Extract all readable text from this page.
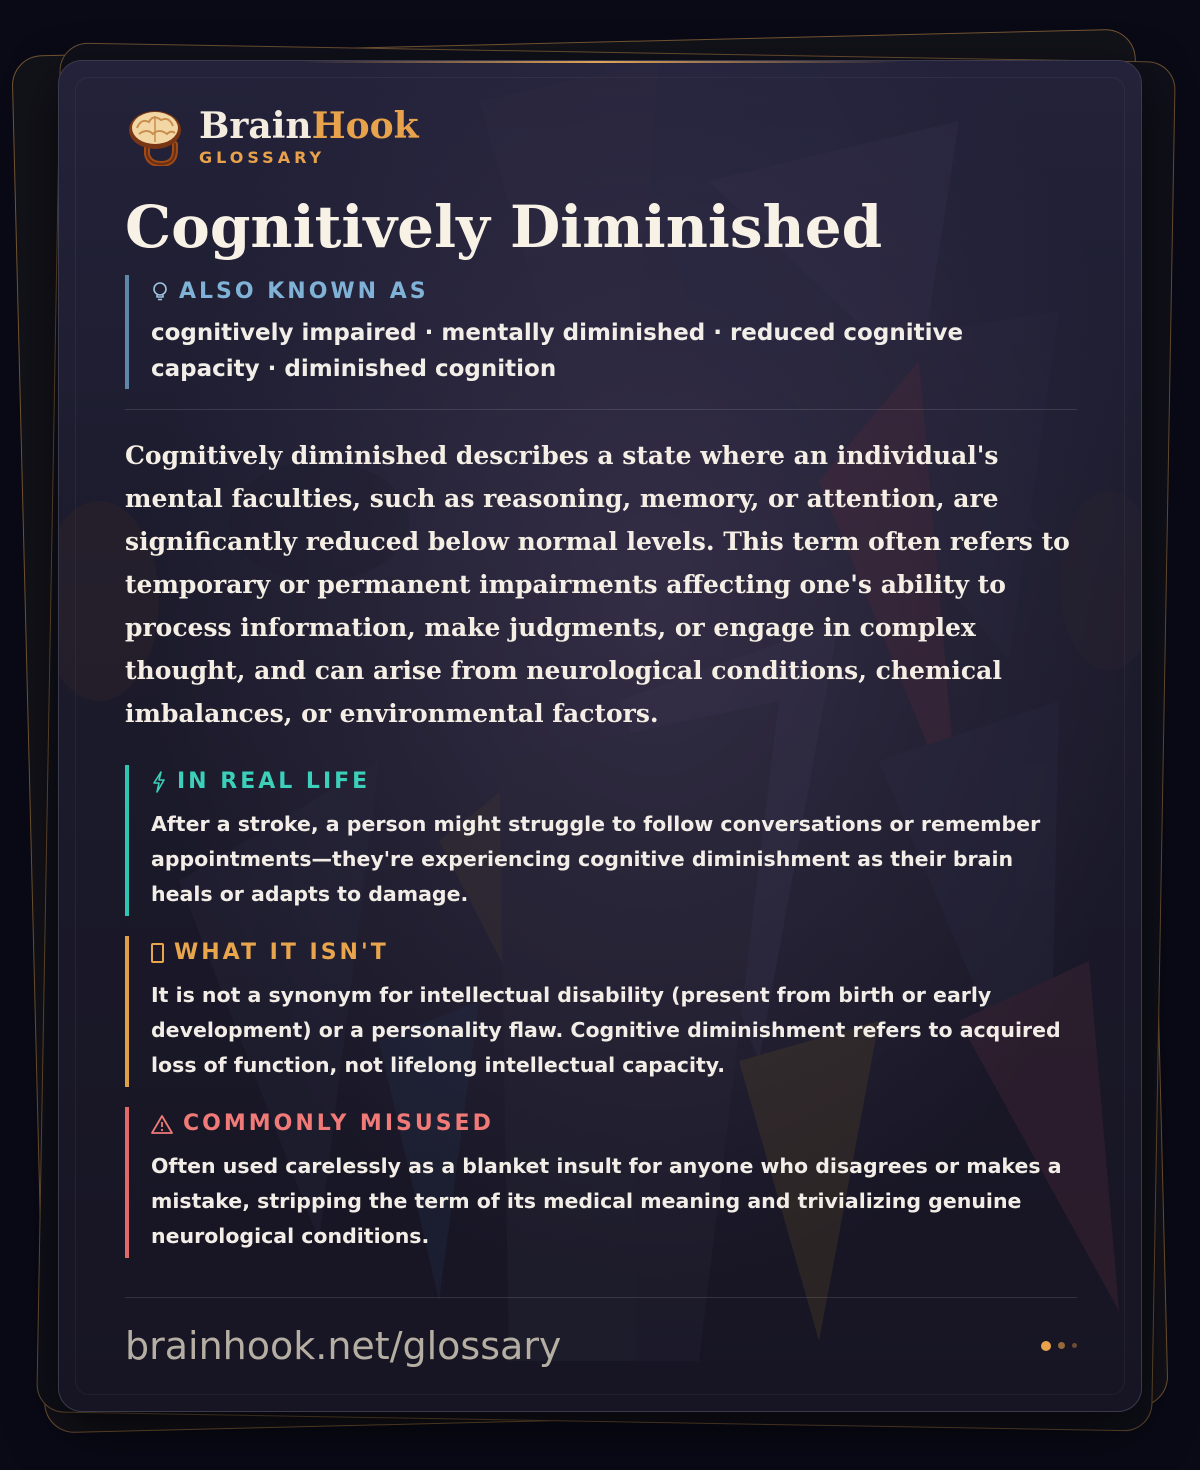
BrainHook
GLOSSARY
Cognitively Diminished
ALSO KNOWN AS
cognitively impaired · mentally diminished · reduced cognitive capacity · diminished cognition

Cognitively diminished describes a state where an individual's mental faculties, such as reasoning, memory, or attention, are significantly reduced below normal levels. This term often refers to temporary or permanent impairments affecting one's ability to process information, make judgments, or engage in complex thought, and can arise from neurological conditions, chemical imbalances, or environmental factors.

IN REAL LIFE
After a stroke, a person might struggle to follow conversations or remember appointments—they're experiencing cognitive diminishment as their brain heals or adapts to damage.
WHAT IT ISN'T
It is not a synonym for intellectual disability (present from birth or early development) or a personality flaw. Cognitive diminishment refers to acquired loss of function, not lifelong intellectual capacity.
COMMONLY MISUSED
Often used carelessly as a blanket insult for anyone who disagrees or makes a mistake, stripping the term of its medical meaning and trivializing genuine neurological conditions.
brainhook.net/glossary
